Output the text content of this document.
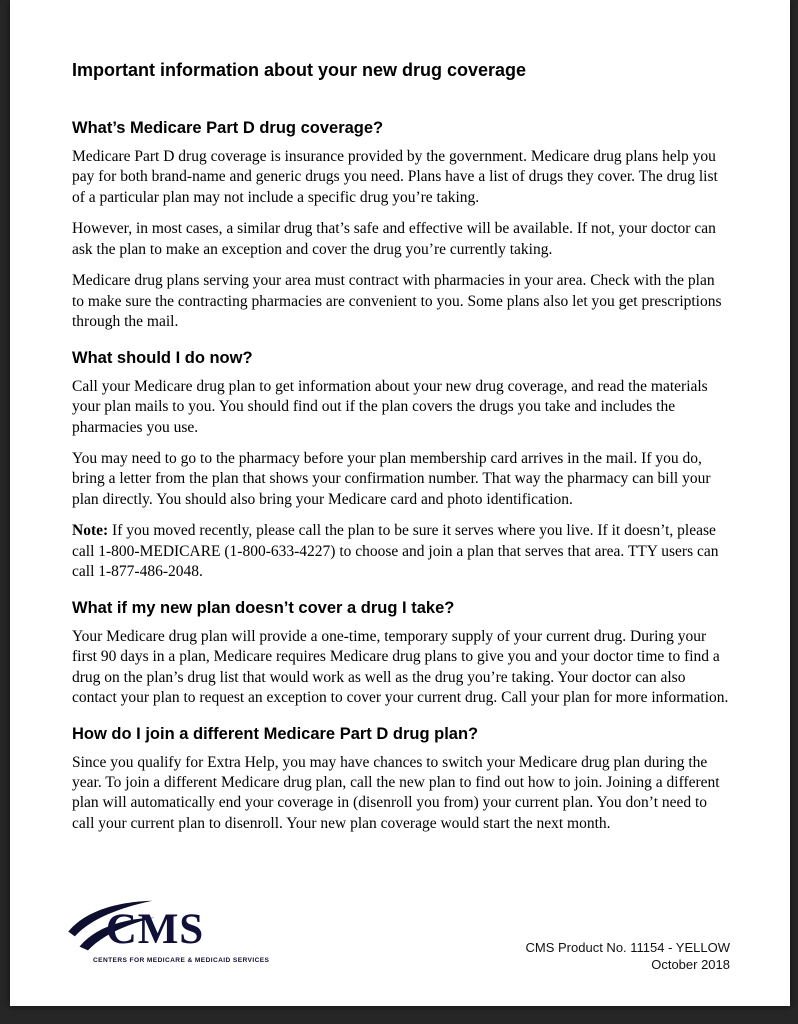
Important information about your new drug coverage
What’s Medicare Part D drug coverage?

Medicare Part D drug coverage is insurance provided by the government. Medicare drug plans help you pay for both brand-name and generic drugs you need. Plans have a list of drugs they cover. The drug list of a particular plan may not include a specific drug you’re taking.

However, in most cases, a similar drug that’s safe and effective will be available. If not, your doctor can ask the plan to make an exception and cover the drug you’re currently taking.

Medicare drug plans serving your area must contract with pharmacies in your area. Check with the plan to make sure the contracting pharmacies are convenient to you. Some plans also let you get prescriptions through the mail.

What should I do now?

Call your Medicare drug plan to get information about your new drug coverage, and read the materials your plan mails to you. You should find out if the plan covers the drugs you take and includes the pharmacies you use.

You may need to go to the pharmacy before your plan membership card arrives in the mail. If you do, bring a letter from the plan that shows your confirmation number. That way the pharmacy can bill your plan directly. You should also bring your Medicare card and photo identification.

Note: If you moved recently, please call the plan to be sure it serves where you live. If it doesn’t, please call 1-800-MEDICARE (1-800-633-4227) to choose and join a plan that serves that area. TTY users can call 1-877-486-2048.

What if my new plan doesn’t cover a drug I take?

Your Medicare drug plan will provide a one-time, temporary supply of your current drug. During your first 90 days in a plan, Medicare requires Medicare drug plans to give you and your doctor time to find a drug on the plan’s drug list that would work as well as the drug you’re taking. Your doctor can also contact your plan to request an exception to cover your current drug. Call your plan for more information.

How do I join a different Medicare Part D drug plan?

Since you qualify for Extra Help, you may have chances to switch your Medicare drug plan during the year. To join a different Medicare drug plan, call the new plan to find out how to join. Joining a different plan will automatically end your coverage in (disenroll you from) your current plan. You don’t need to call your current plan to disenroll. Your new plan coverage would start the next month.

CMS
CENTERS FOR MEDICARE & MEDICAID SERVICES
CMS Product No. 11154 - YELLOW
October 2018
